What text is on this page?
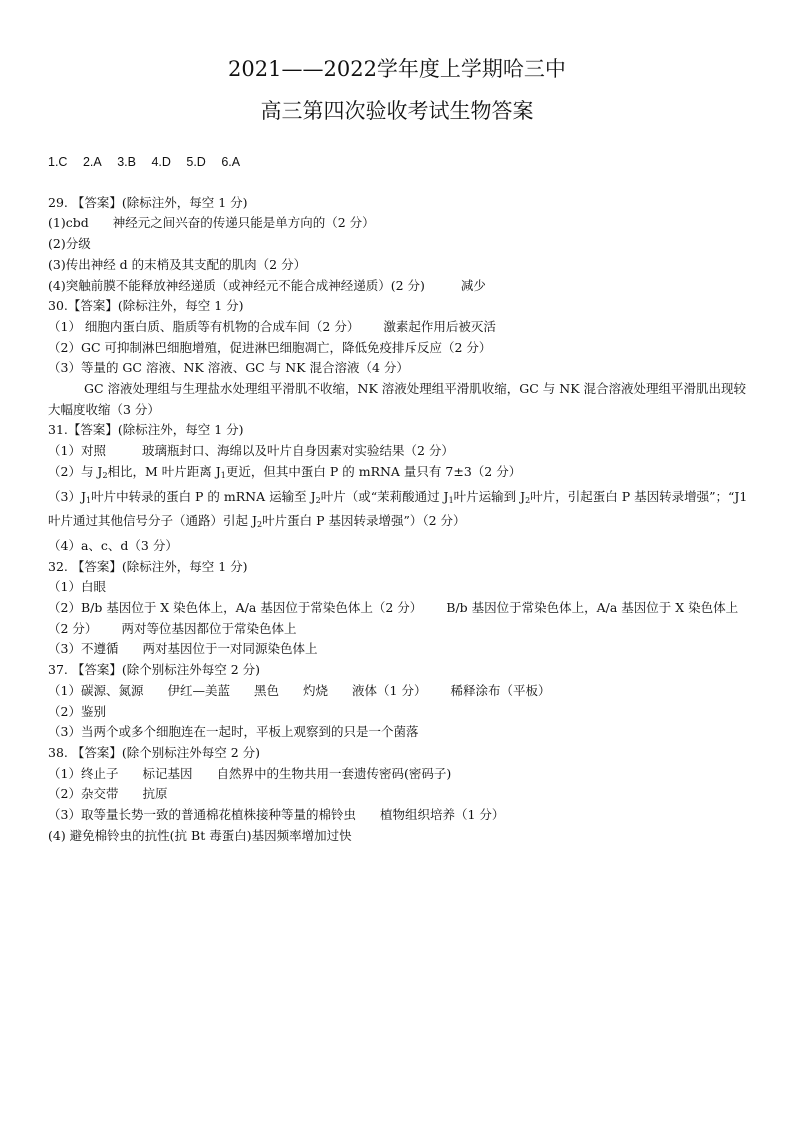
2021——2022学年度上学期哈三中
高三第四次验收考试生物答案
1.C 2.A 3.B 4.D 5.D 6.A
29. 【答案】(除标注外，每空 1 分)
(1)cbd 神经元之间兴奋的传递只能是单方向的（2 分）
(2)分级
(3)传出神经 d 的末梢及其支配的肌肉（2 分）
(4)突触前膜不能释放神经递质（或神经元不能合成神经递质）(2 分)	减少
30.【答案】(除标注外，每空 1 分)
（1） 细胞内蛋白质、脂质等有机物的合成车间（2 分） 激素起作用后被灭活
（2）GC 可抑制淋巴细胞增殖，促进淋巴细胞凋亡，降低免疫排斥反应（2 分）
（3）等量的 GC 溶液、NK 溶液、GC 与 NK 混合溶液（4 分）
GC 溶液处理组与生理盐水处理组平滑肌不收缩，NK 溶液处理组平滑肌收缩，GC 与 NK 混合溶液处理组平滑肌出现较大幅度收缩（3 分）
31.【答案】(除标注外，每空 1 分)
（1）对照	玻璃瓶封口、海绵以及叶片自身因素对实验结果（2 分）
（2）与 $J_2$相比，M 叶片距离 $J_1$更近，但其中蛋白 P 的 mRNA 量只有 7±3（2 分）
$(3)J_1$叶片中转录的蛋白 P 的 mRNA 运输至 $J_2$叶片（或“茉莉酸通过 $J_1$叶片运输到 $J_2$叶片，引起蛋白 P 基因转录增强”；“J1 叶片通过其他信号分子（通路）引起 $J_2$叶片蛋白 P 基因转录增强”）（2 分）
（4）a、c、d（3 分）
32. 【答案】(除标注外，每空 1 分)
（1）白眼
（2）B/b 基因位于 X 染色体上，A/a 基因位于常染色体上（2 分） B/b 基因位于常染色体上，A/a 基因位于 X 染色体上（2 分） 两对等位基因都位于常染色体上
（3）不遵循 两对基因位于一对同源染色体上
37. 【答案】(除个别标注外每空 2 分)
（1）碳源、氮源 伊红—美蓝 黑色 灼烧 液体（1 分） 稀释涂布（平板）
（2）鉴别
（3）当两个或多个细胞连在一起时，平板上观察到的只是一个菌落
38. 【答案】(除个别标注外每空 2 分)
（1）终止子 标记基因 自然界中的生物共用一套遗传密码(密码子)
（2）杂交带 抗原
（3）取等量长势一致的普通棉花植株接种等量的棉铃虫 植物组织培养（1 分）
(4) 避免棉铃虫的抗性(抗 Bt 毒蛋白)基因频率增加过快
